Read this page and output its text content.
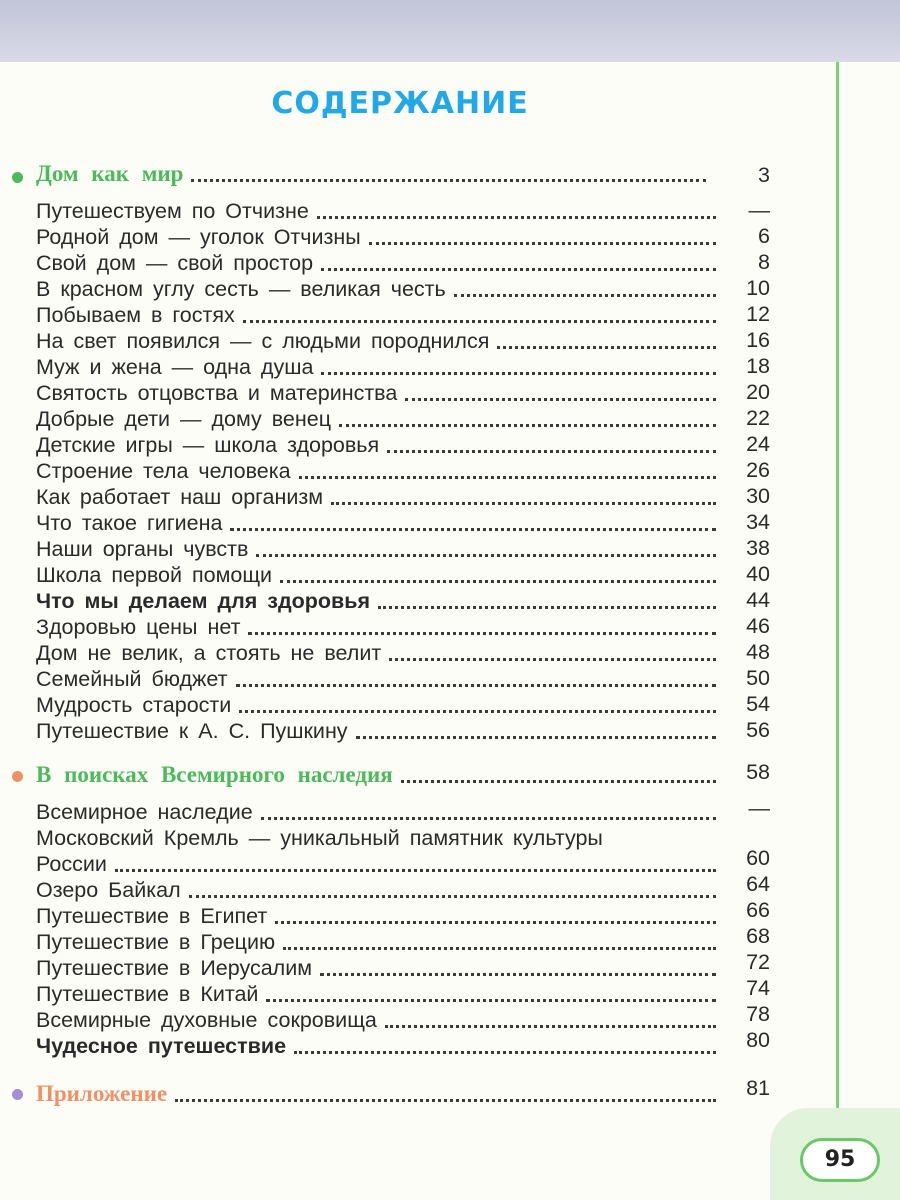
95
СОДЕРЖАНИЕ
Дом как мир	3
Путешествуем по Отчизне	—
Родной дом — уголок Отчизны	6
Свой дом — свой простор	8
В красном углу сесть — великая честь	10
Побываем в гостях	12
На свет появился — с людьми породнился	16
Муж и жена — одна душа	18
Святость отцовства и материнства	20
Добрые дети — дому венец	22
Детские игры — школа здоровья	24
Строение тела человека	26
Как работает наш организм	30
Что такое гигиена	34
Наши органы чувств	38
Школа первой помощи	40
Что мы делаем для здоровья	44
Здоровью цены нет	46
Дом не велик, а стоять не велит	48
Семейный бюджет	50
Мудрость старости	54
Путешествие к А. С. Пушкину	56
В поисках Всемирного наследия	58
Всемирное наследие	—
Московский Кремль — уникальный памятник культуры
России	60
Озеро Байкал	64
Путешествие в Египет	66
Путешествие в Грецию	68
Путешествие в Иерусалим	72
Путешествие в Китай	74
Всемирные духовные сокровища	78
Чудесное путешествие	80
Приложение	81
